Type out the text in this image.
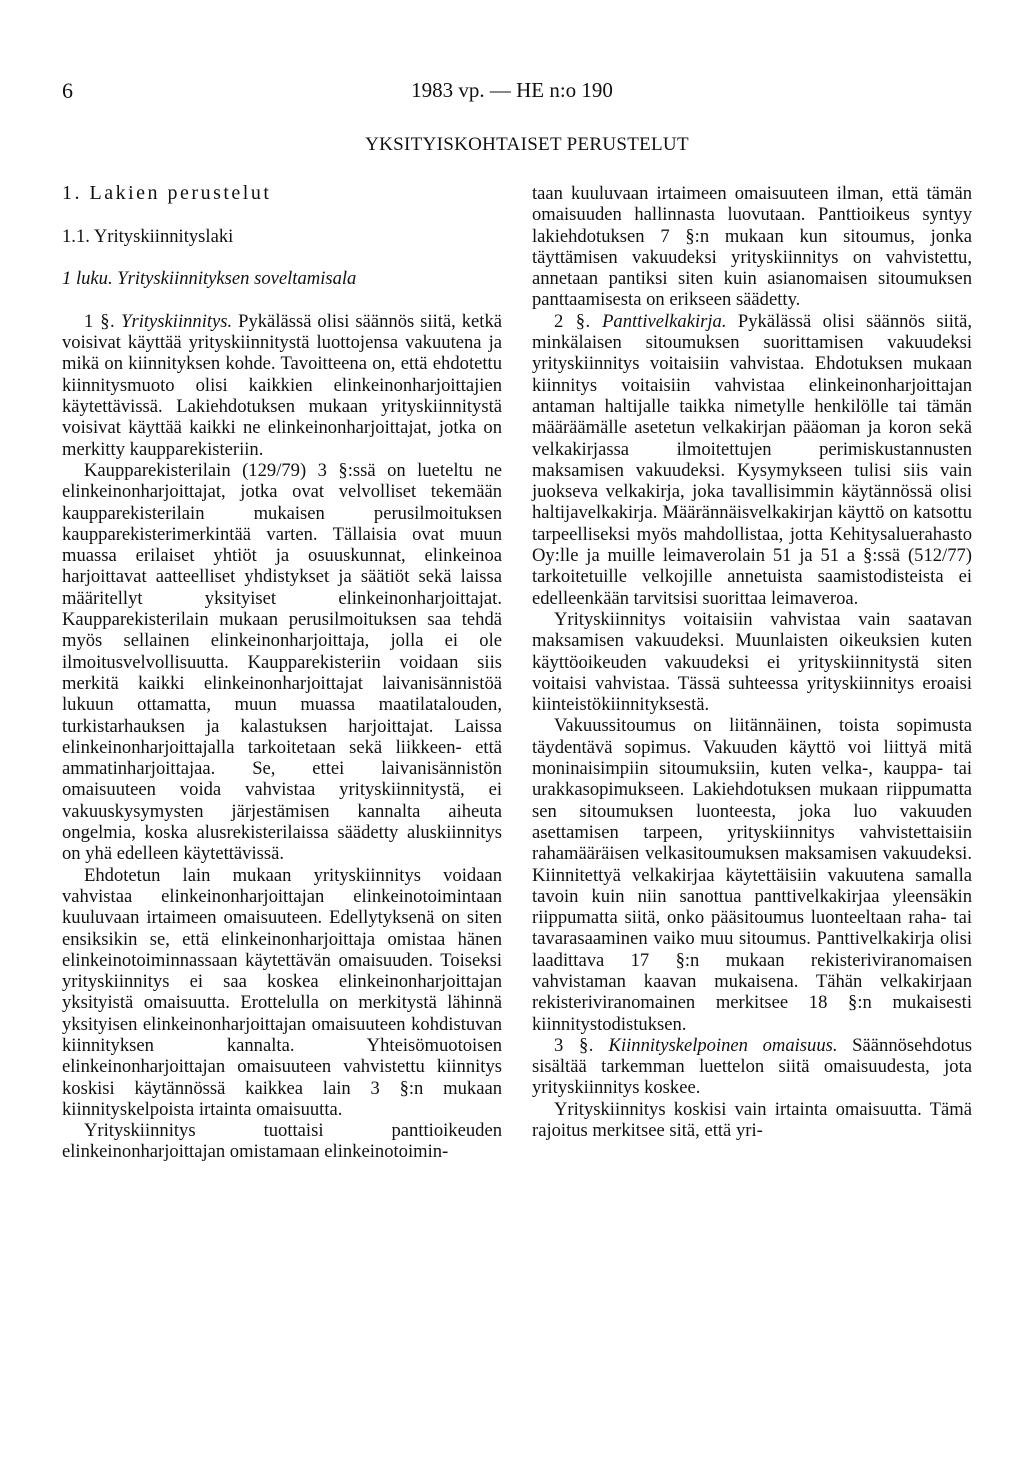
6	1983 vp. — HE n:o 190
YKSITYISKOHTAISET PERUSTELUT
1. Lakien perustelut
1.1. Yrityskiinnityslaki
1 luku. Yrityskiinnityksen soveltamisala

1 §. Yrityskiinnitys. Pykälässä olisi säännös siitä, ketkä voisivat käyttää yrityskiinnitystä luottojensa vakuutena ja mikä on kiinnityksen kohde. Tavoitteena on, että ehdotettu kiinnitysmuoto olisi kaikkien elinkeinonharjoittajien käytettävissä. Lakiehdotuksen mukaan yrityskiinnitystä voisivat käyttää kaikki ne elinkeinonharjoittajat, jotka on merkitty kaupparekisteriin.

Kaupparekisterilain (129/79) 3 §:ssä on lueteltu ne elinkeinonharjoittajat, jotka ovat velvolliset tekemään kaupparekisterilain mukaisen perusilmoituksen kaupparekisterimerkintää varten. Tällaisia ovat muun muassa erilaiset yhtiöt ja osuuskunnat, elinkeinoa harjoittavat aatteelliset yhdistykset ja säätiöt sekä laissa määritellyt yksityiset elinkeinonharjoittajat. Kaupparekisterilain mukaan perusilmoituksen saa tehdä myös sellainen elinkeinonharjoittaja, jolla ei ole ilmoitusvelvollisuutta. Kaupparekisteriin voidaan siis merkitä kaikki elinkeinonharjoittajat laivanisännistöä lukuun ottamatta, muun muassa maatilatalouden, turkistarhauksen ja kalastuksen harjoittajat. Laissa elinkeinonharjoittajalla tarkoitetaan sekä liikkeen- että ammatinharjoittajaa. Se, ettei laivanisännistön omaisuuteen voida vahvistaa yrityskiinnitystä, ei vakuuskysymysten järjestämisen kannalta aiheuta ongelmia, koska alusrekisterilaissa säädetty aluskiinnitys on yhä edelleen käytettävissä.

Ehdotetun lain mukaan yrityskiinnitys voidaan vahvistaa elinkeinonharjoittajan elinkeinotoimintaan kuuluvaan irtaimeen omaisuuteen. Edellytyksenä on siten ensiksikin se, että elinkeinonharjoittaja omistaa hänen elinkeinotoiminnassaan käytettävän omaisuuden. Toiseksi yrityskiinnitys ei saa koskea elinkeinonharjoittajan yksityistä omaisuutta. Erottelulla on merkitystä lähinnä yksityisen elinkeinonharjoittajan omaisuuteen kohdistuvan kiinnityksen kannalta. Yhteisömuotoisen elinkeinonharjoittajan omaisuuteen vahvistettu kiinnitys koskisi käytännössä kaikkea lain 3 §:n mukaan kiinnityskelpoista irtainta omaisuutta.

Yrityskiinnitys tuottaisi panttioikeuden elinkeinonharjoittajan omistamaan elinkeinotoimin-

taan kuuluvaan irtaimeen omaisuuteen ilman, että tämän omaisuuden hallinnasta luovutaan. Panttioikeus syntyy lakiehdotuksen 7 §:n mukaan kun sitoumus, jonka täyttämisen vakuudeksi yrityskiinnitys on vahvistettu, annetaan pantiksi siten kuin asianomaisen sitoumuksen panttaamisesta on erikseen säädetty.

2 §. Panttivelkakirja. Pykälässä olisi säännös siitä, minkälaisen sitoumuksen suorittamisen vakuudeksi yrityskiinnitys voitaisiin vahvistaa. Ehdotuksen mukaan kiinnitys voitaisiin vahvistaa elinkeinonharjoittajan antaman haltijalle taikka nimetylle henkilölle tai tämän määräämälle asetetun velkakirjan pääoman ja koron sekä velkakirjassa ilmoitettujen perimiskustannusten maksamisen vakuudeksi. Kysymykseen tulisi siis vain juokseva velkakirja, joka tavallisimmin käytännössä olisi haltijavelkakirja. Määrännäisvelkakirjan käyttö on katsottu tarpeelliseksi myös mahdollistaa, jotta Kehitysaluerahasto Oy:lle ja muille leimaverolain 51 ja 51 a §:ssä (512/77) tarkoitetuille velkojille annetuista saamistodisteista ei edelleenkään tarvitsisi suorittaa leimaveroa.

Yrityskiinnitys voitaisiin vahvistaa vain saatavan maksamisen vakuudeksi. Muunlaisten oikeuksien kuten käyttöoikeuden vakuudeksi ei yrityskiinnitystä siten voitaisi vahvistaa. Tässä suhteessa yrityskiinnitys eroaisi kiinteistökiinnityksestä.

Vakuussitoumus on liitännäinen, toista sopimusta täydentävä sopimus. Vakuuden käyttö voi liittyä mitä moninaisimpiin sitoumuksiin, kuten velka-, kauppa- tai urakkasopimukseen. Lakiehdotuksen mukaan riippumatta sen sitoumuksen luonteesta, joka luo vakuuden asettamisen tarpeen, yrityskiinnitys vahvistettaisiin rahamääräisen velkasitoumuksen maksamisen vakuudeksi. Kiinnitettyä velkakirjaa käytettäisiin vakuutena samalla tavoin kuin niin sanottua panttivelkakirjaa yleensäkin riippumatta siitä, onko pääsitoumus luonteeltaan raha- tai tavarasaaminen vaiko muu sitoumus. Panttivelkakirja olisi laadittava 17 §:n mukaan rekisteriviranomaisen vahvistaman kaavan mukaisena. Tähän velkakirjaan rekisteriviranomainen merkitsee 18 §:n mukaisesti kiinnitystodistuksen.

3 §. Kiinnityskelpoinen omaisuus. Säännösehdotus sisältää tarkemman luettelon siitä omaisuudesta, jota yrityskiinnitys koskee.

Yrityskiinnitys koskisi vain irtainta omaisuutta. Tämä rajoitus merkitsee sitä, että yri-
